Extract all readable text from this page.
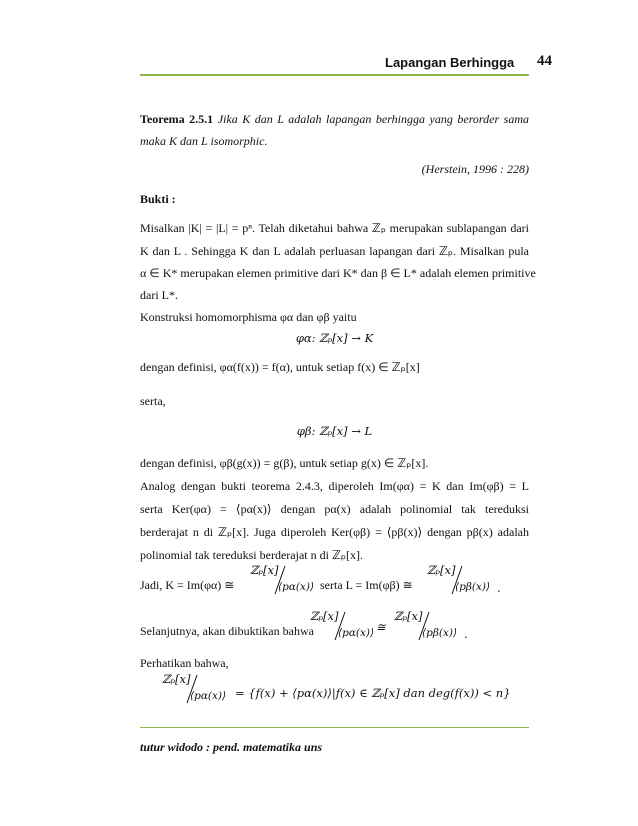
Lapangan Berhingga 44
Teorema 2.5.1 Jika K dan L adalah lapangan berhingga yang berorder sama
maka K dan L isomorphic.
(Herstein, 1996 : 228)
Bukti :
Misalkan |K| = |L| = pⁿ. Telah diketahui bahwa ℤₚ merupakan sublapangan dari
K dan L . Sehingga K dan L adalah perluasan lapangan dari ℤₚ. Misalkan pula
α ∈ K* merupakan elemen primitive dari K* dan β ∈ L* adalah elemen primitive
dari L*.
Konstruksi homomorphisma φα dan φβ yaitu
φα: ℤₚ[x] → K
dengan definisi, φα(f(x)) = f(α), untuk setiap f(x) ∈ ℤₚ[x]
serta,
φβ: ℤₚ[x] → L
dengan definisi, φβ(g(x)) = g(β), untuk setiap g(x) ∈ ℤₚ[x].
Analog dengan bukti teorema 2.4.3, diperoleh Im(φα) = K dan Im(φβ) = L
serta Ker(φα) = ⟨pα(x)⟩ dengan pα(x) adalah polinomial tak tereduksi
berderajat n di ℤₚ[x]. Juga diperoleh Ker(φβ) = ⟨pβ(x)⟩ dengan pβ(x) adalah
polinomial tak tereduksi berderajat n di ℤₚ[x].
Jadi, K = Im(φα) ≅
ℤₚ[x]
⟨pα(x)⟩ serta L = Im(φβ) ≅
ℤₚ[x]
⟨pβ(x)⟩ .
Selanjutnya, akan dibuktikan bahwa
ℤₚ[x]
⟨pα(x)⟩ ≅
ℤₚ[x]
⟨pβ(x)⟩ .
Perhatikan bahwa,
ℤₚ[x]
⟨pα(x)⟩ = {f(x) + ⟨pα(x)⟩|f(x) ∈ ℤₚ[x] dan deg(f(x)) < n}
tutur widodo : pend. matematika uns
